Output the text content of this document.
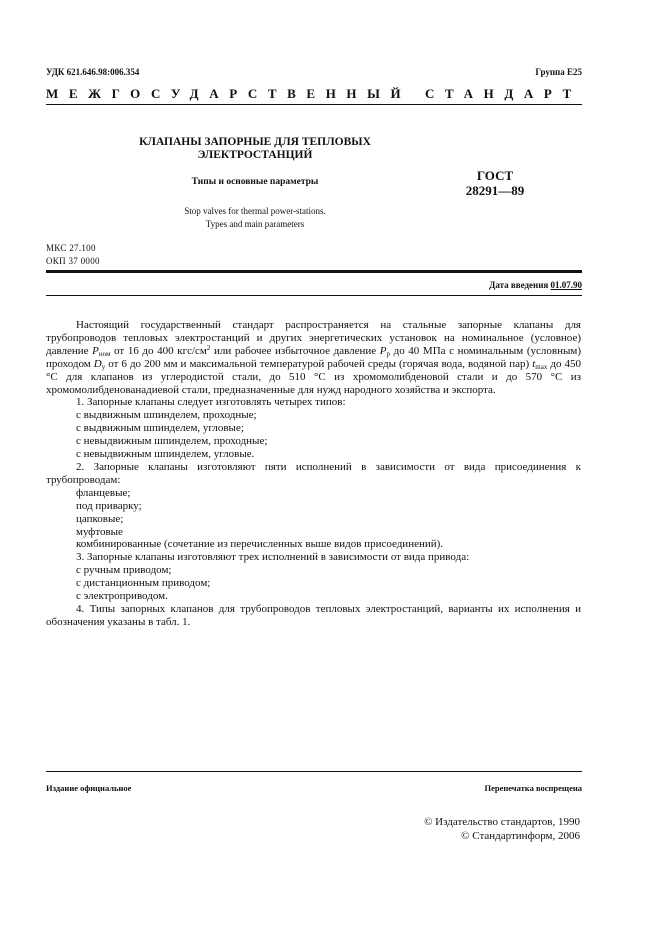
УДК 621.646.98:006.354	Группа Е25
МЕЖГОСУДАРСТВЕННЫЙ СТАНДАРТ
КЛАПАНЫ ЗАПОРНЫЕ ДЛЯ ТЕПЛОВЫХ
ЭЛЕКТРОСТАНЦИЙ
Типы и основные параметры
Stop valves for thermal power-stations.
Types and main parameters
ГОСТ
28291—89
МКС 27.100
ОКП 37 0000
Дата введения 01.07.90

Настоящий государственный стандарт распространяется на стальные запорные клапаны для трубопроводов тепловых электростанций и других энергетических установок на номинальное (условное) давление $P_{ном}$ от 16 до 400 кгс/$см^2$ или рабочее избыточное давление $P_р$ до 40 МПа с номинальным (условным) проходом $D_у$ от 6 до 200 мм и максимальной температурой рабочей среды (горячая вода, водяной пар) $t_{max}$ до 450 °С для клапанов из углеродистой стали, до 510 °С из хромомолибденовой стали и до 570 °С из хромомолибденованадиевой стали, предназначенные для нужд народного хозяйства и экспорта.

1. Запорные клапаны следует изготовлять четырех типов:

с выдвижным шпинделем, проходные;

с выдвижным шпинделем, угловые;

с невыдвижным шпинделем, проходные;

с невыдвижным шпинделем, угловые.

2. Запорные клапаны изготовляют пяти исполнений в зависимости от вида присоединения к трубопроводам:

фланцевые;

под приварку;

цапковые;

муфтовые

комбинированные (сочетание из перечисленных выше видов присоединений).

3. Запорные клапаны изготовляют трех исполнений в зависимости от вида привода:

с ручным приводом;

с дистанционным приводом;

с электроприводом.

4. Типы запорных клапанов для трубопроводов тепловых электростанций, варианты их исполнения и обозначения указаны в табл. 1.

Издание официальное	Перепечатка воспрещена
© Издательство стандартов, 1990
© Стандартинформ, 2006
